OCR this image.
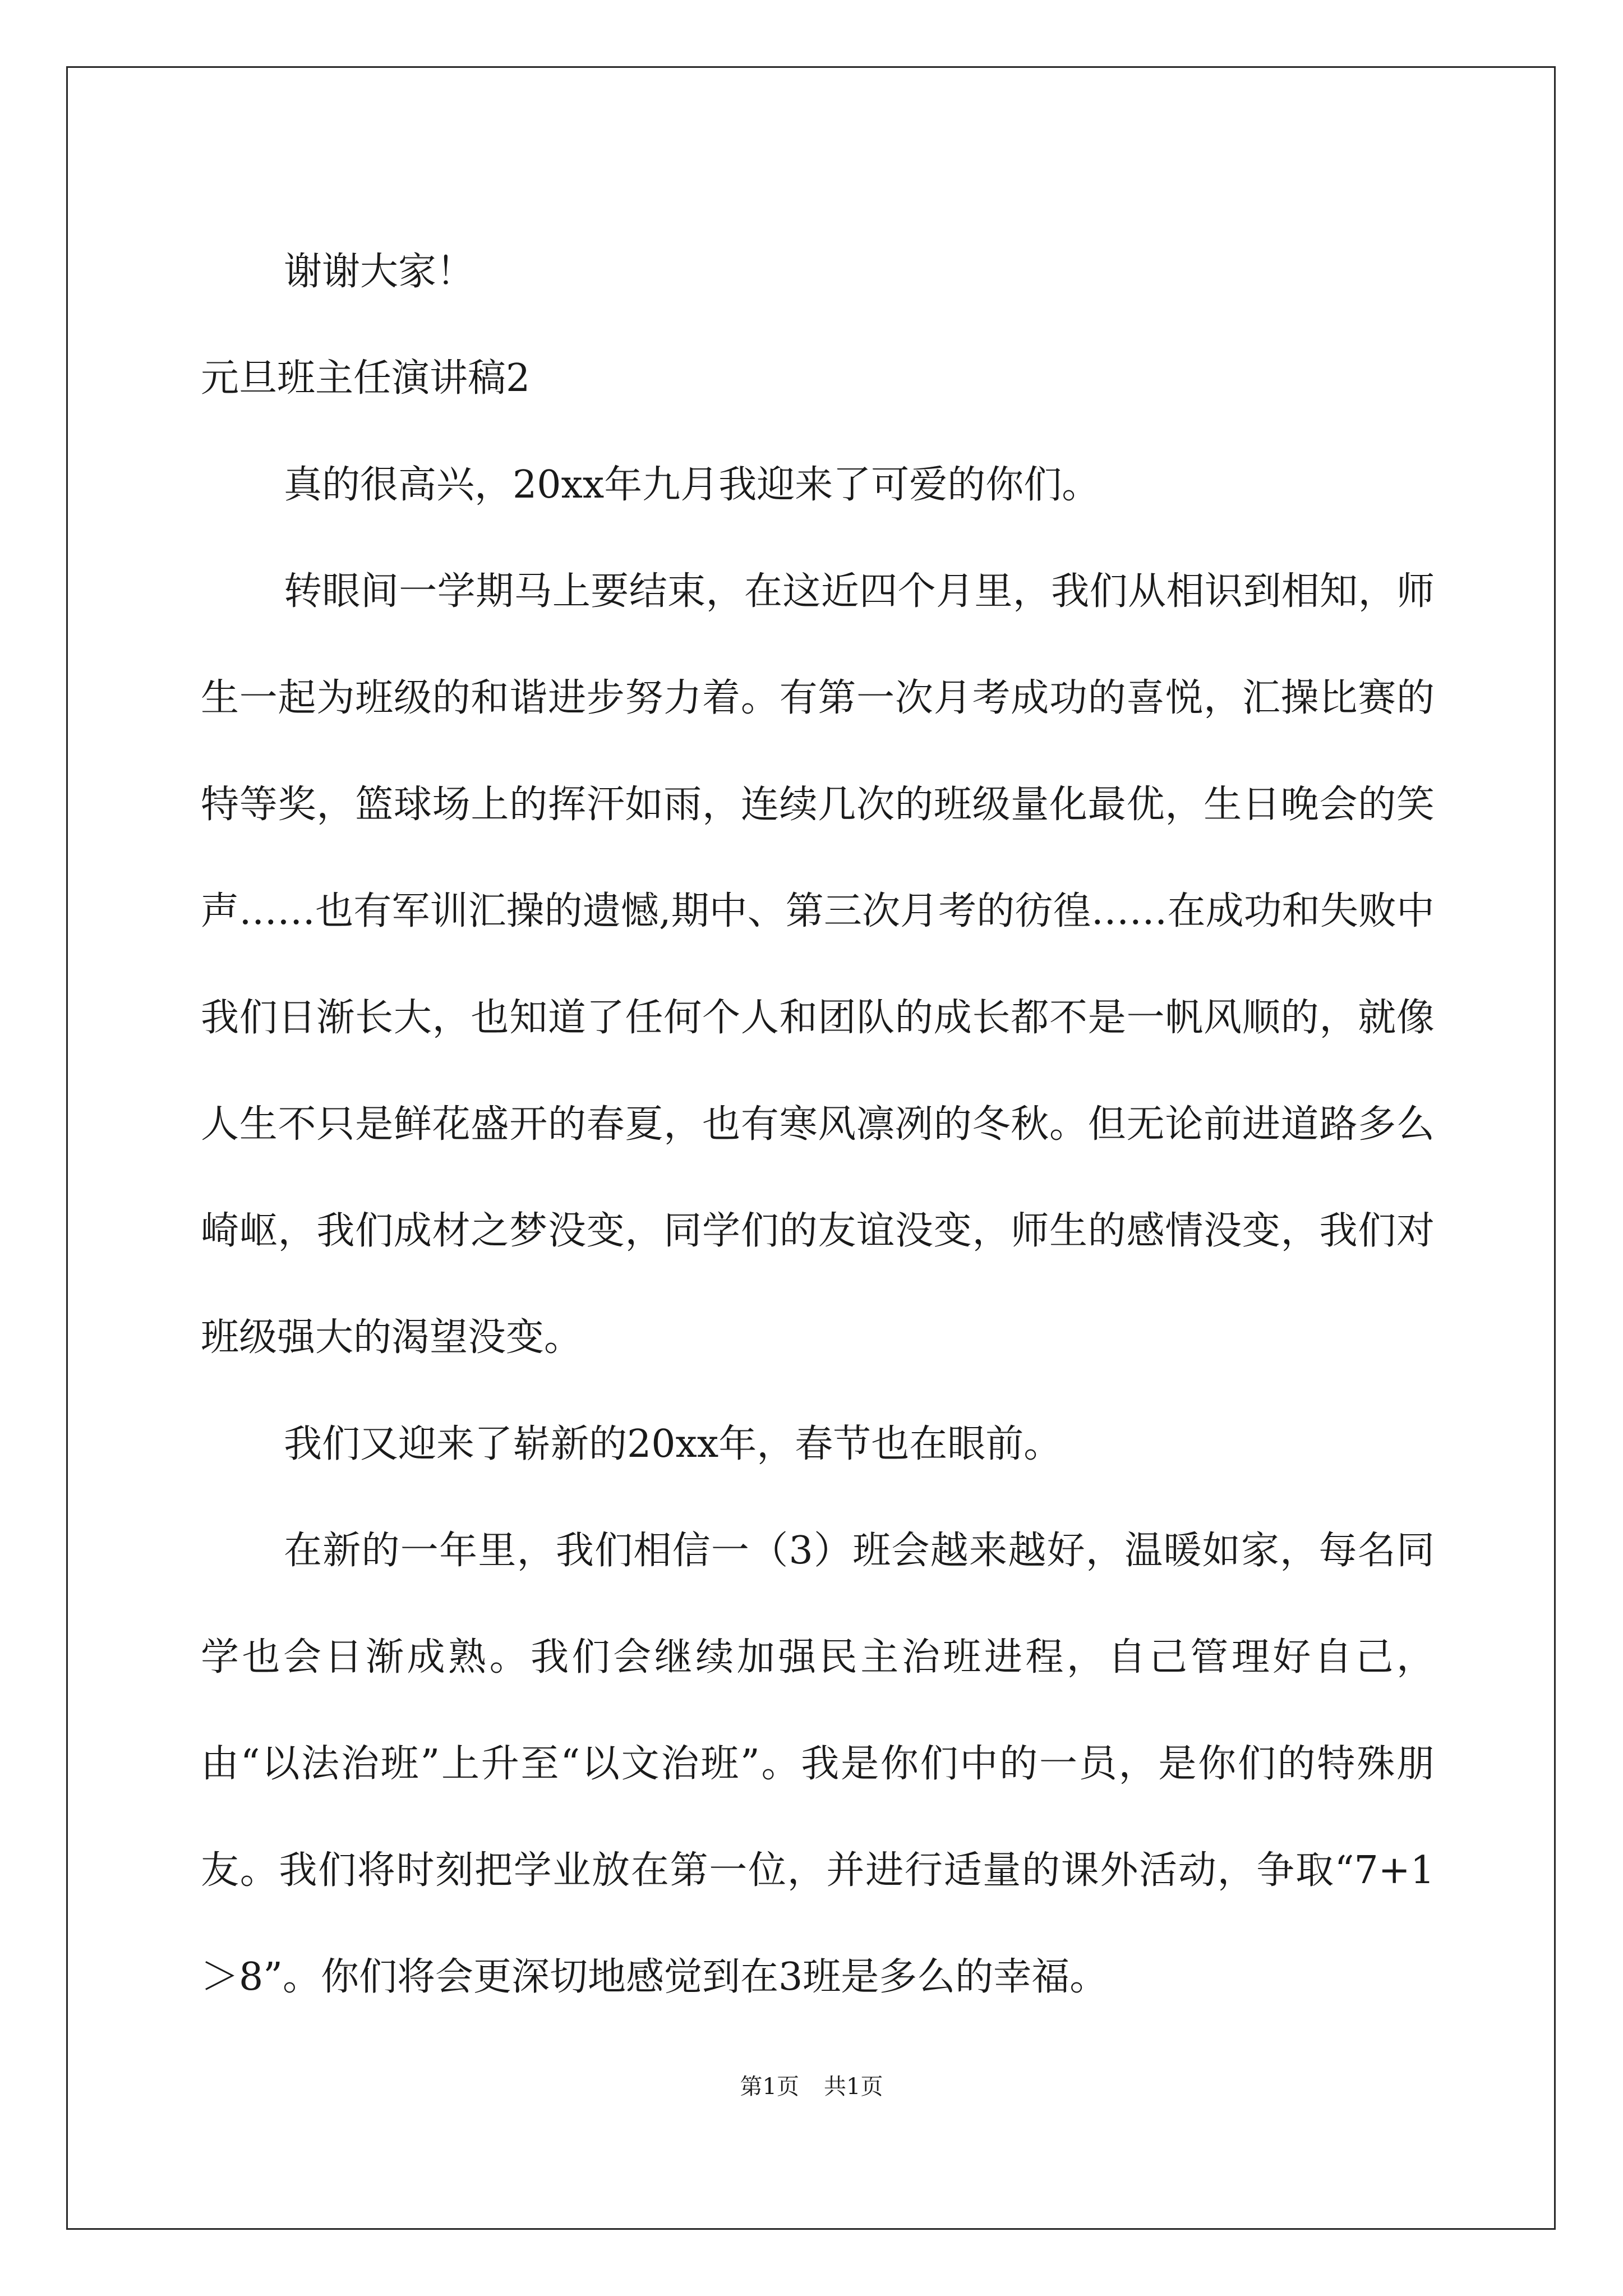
谢谢大家！

元旦班主任演讲稿2

真的很高兴，20xx年九月我迎来了可爱的你们。

转眼间一学期马上要结束，在这近四个月里，我们从相识到相知，师生一起为班级的和谐进步努力着。有第一次月考成功的喜悦，汇操比赛的特等奖，篮球场上的挥汗如雨，连续几次的班级量化最优，生日晚会的笑声……也有军训汇操的遗憾,期中、第三次月考的彷徨……在成功和失败中我们日渐长大，也知道了任何个人和团队的成长都不是一帆风顺的，就像人生不只是鲜花盛开的春夏，也有寒风凛冽的冬秋。但无论前进道路多么崎岖，我们成材之梦没变，同学们的友谊没变，师生的感情没变，我们对班级强大的渴望没变。

我们又迎来了崭新的20xx年，春节也在眼前。

在新的一年里，我们相信一（3）班会越来越好，温暖如家，每名同学也会日渐成熟。我们会继续加强民主治班进程，自己管理好自己，由“以法治班”上升至“以文治班”。我是你们中的一员，是你们的特殊朋友。我们将时刻把学业放在第一位，并进行适量的课外活动，争取“7+1＞8”。你们将会更深切地感觉到在3班是多么的幸福。

第1页 共1页
